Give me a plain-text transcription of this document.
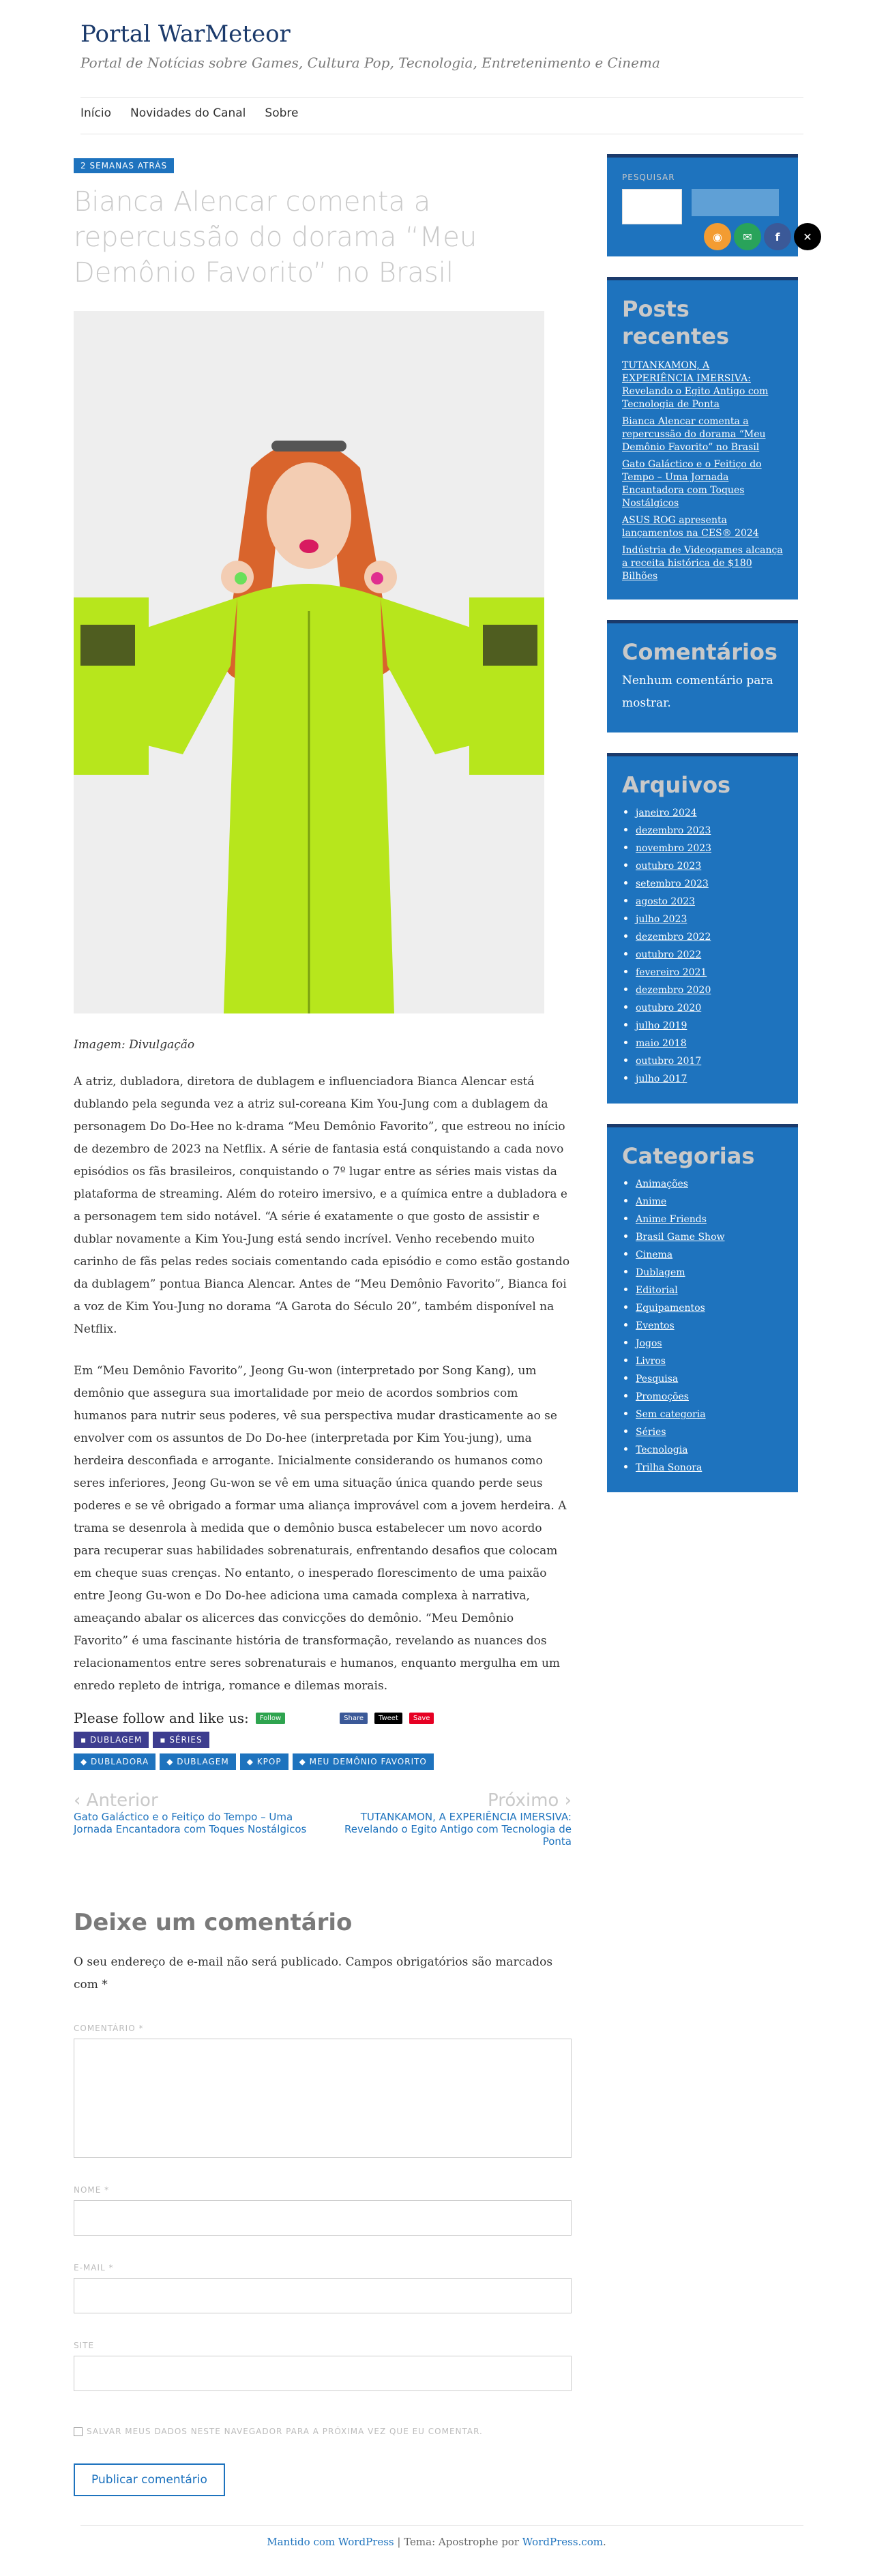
Portal WarMeteor
Portal de Notícias sobre Games, Cultura Pop, Tecnologia, Entretenimento e Cinema
Início Novidades do Canal Sobre
2 SEMANAS ATRÁS
Bianca Alencar comenta a repercussão do dorama “Meu Demônio Favorito” no Brasil

Imagem: Divulgação

A atriz, dubladora, diretora de dublagem e influenciadora Bianca Alencar está dublando pela segunda vez a atriz sul-coreana Kim You-Jung com a dublagem da personagem Do Do-Hee no k-drama “Meu Demônio Favorito”, que estreou no início de dezembro de 2023 na Netflix. A série de fantasia está conquistando a cada novo episódios os fãs brasileiros, conquistando o 7º lugar entre as séries mais vistas da plataforma de streaming. Além do roteiro imersivo, e a química entre a dubladora e a personagem tem sido notável. “A série é exatamente o que gosto de assistir e dublar novamente a Kim You-Jung está sendo incrível. Venho recebendo muito carinho de fãs pelas redes sociais comentando cada episódio e como estão gostando da dublagem” pontua Bianca Alencar. Antes de “Meu Demônio Favorito”, Bianca foi a voz de Kim You-Jung no dorama “A Garota do Século 20”, também disponível na Netflix.

Em “Meu Demônio Favorito”, Jeong Gu-won (interpretado por Song Kang), um demônio que assegura sua imortalidade por meio de acordos sombrios com humanos para nutrir seus poderes, vê sua perspectiva mudar drasticamente ao se envolver com os assuntos de Do Do-hee (interpretada por Kim You-jung), uma herdeira desconfiada e arrogante. Inicialmente considerando os humanos como seres inferiores, Jeong Gu-won se vê em uma situação única quando perde seus poderes e se vê obrigado a formar uma aliança improvável com a jovem herdeira. A trama se desenrola à medida que o demônio busca estabelecer um novo acordo para recuperar suas habilidades sobrenaturais, enfrentando desafios que colocam em cheque suas crenças. No entanto, o inesperado florescimento de uma paixão entre Jeong Gu-won e Do Do-hee adiciona uma camada complexa à narrativa, ameaçando abalar os alicerces das convicções do demônio. “Meu Demônio Favorito” é uma fascinante história de transformação, revelando as nuances dos relacionamentos entre seres sobrenaturais e humanos, enquanto mergulha em um enredo repleto de intriga, romance e dilemas morais.

Please follow and like us:	Follow	Share	Tweet	Save
▪ DUBLAGEM	▪ SÉRIES
◆ DUBLADORA	◆ DUBLAGEM	◆ KPOP	◆ MEU DEMÔNIO FAVORITO
‹ Anterior
Gato Galáctico e o Feitiço do Tempo – Uma Jornada Encantadora com Toques Nostálgicos
Próximo ›
TUTANKAMON, A EXPERIÊNCIA IMERSIVA: Revelando o Egito Antigo com Tecnologia de Ponta
Deixe um comentário

O seu endereço de e-mail não será publicado. Campos obrigatórios são marcados com *

COMENTÁRIO *
NOME *
E-MAIL *
SITE
SALVAR MEUS DADOS NESTE NAVEGADOR PARA A PRÓXIMA VEZ QUE EU COMENTAR.
Publicar comentário
PESQUISAR
◉	✉	f	✕
Posts recentes
TUTANKAMON, A EXPERIÊNCIA IMERSIVA: Revelando o Egito Antigo com Tecnologia de Ponta
Bianca Alencar comenta a repercussão do dorama “Meu Demônio Favorito” no Brasil
Gato Galáctico e o Feitiço do Tempo – Uma Jornada Encantadora com Toques Nostálgicos
ASUS ROG apresenta lançamentos na CES® 2024
Indústria de Videogames alcança a receita histórica de $180 Bilhões
Comentários

Nenhum comentário para mostrar.

Arquivos
• janeiro 2024
• dezembro 2023
• novembro 2023
• outubro 2023
• setembro 2023
• agosto 2023
• julho 2023
• dezembro 2022
• outubro 2022
• fevereiro 2021
• dezembro 2020
• outubro 2020
• julho 2019
• maio 2018
• outubro 2017
• julho 2017
Categorias
• Animações
• Anime
• Anime Friends
• Brasil Game Show
• Cinema
• Dublagem
• Editorial
• Equipamentos
• Eventos
• Jogos
• Livros
• Pesquisa
• Promoções
• Sem categoria
• Séries
• Tecnologia
• Trilha Sonora
Mantido com WordPress | Tema: Apostrophe por WordPress.com.
